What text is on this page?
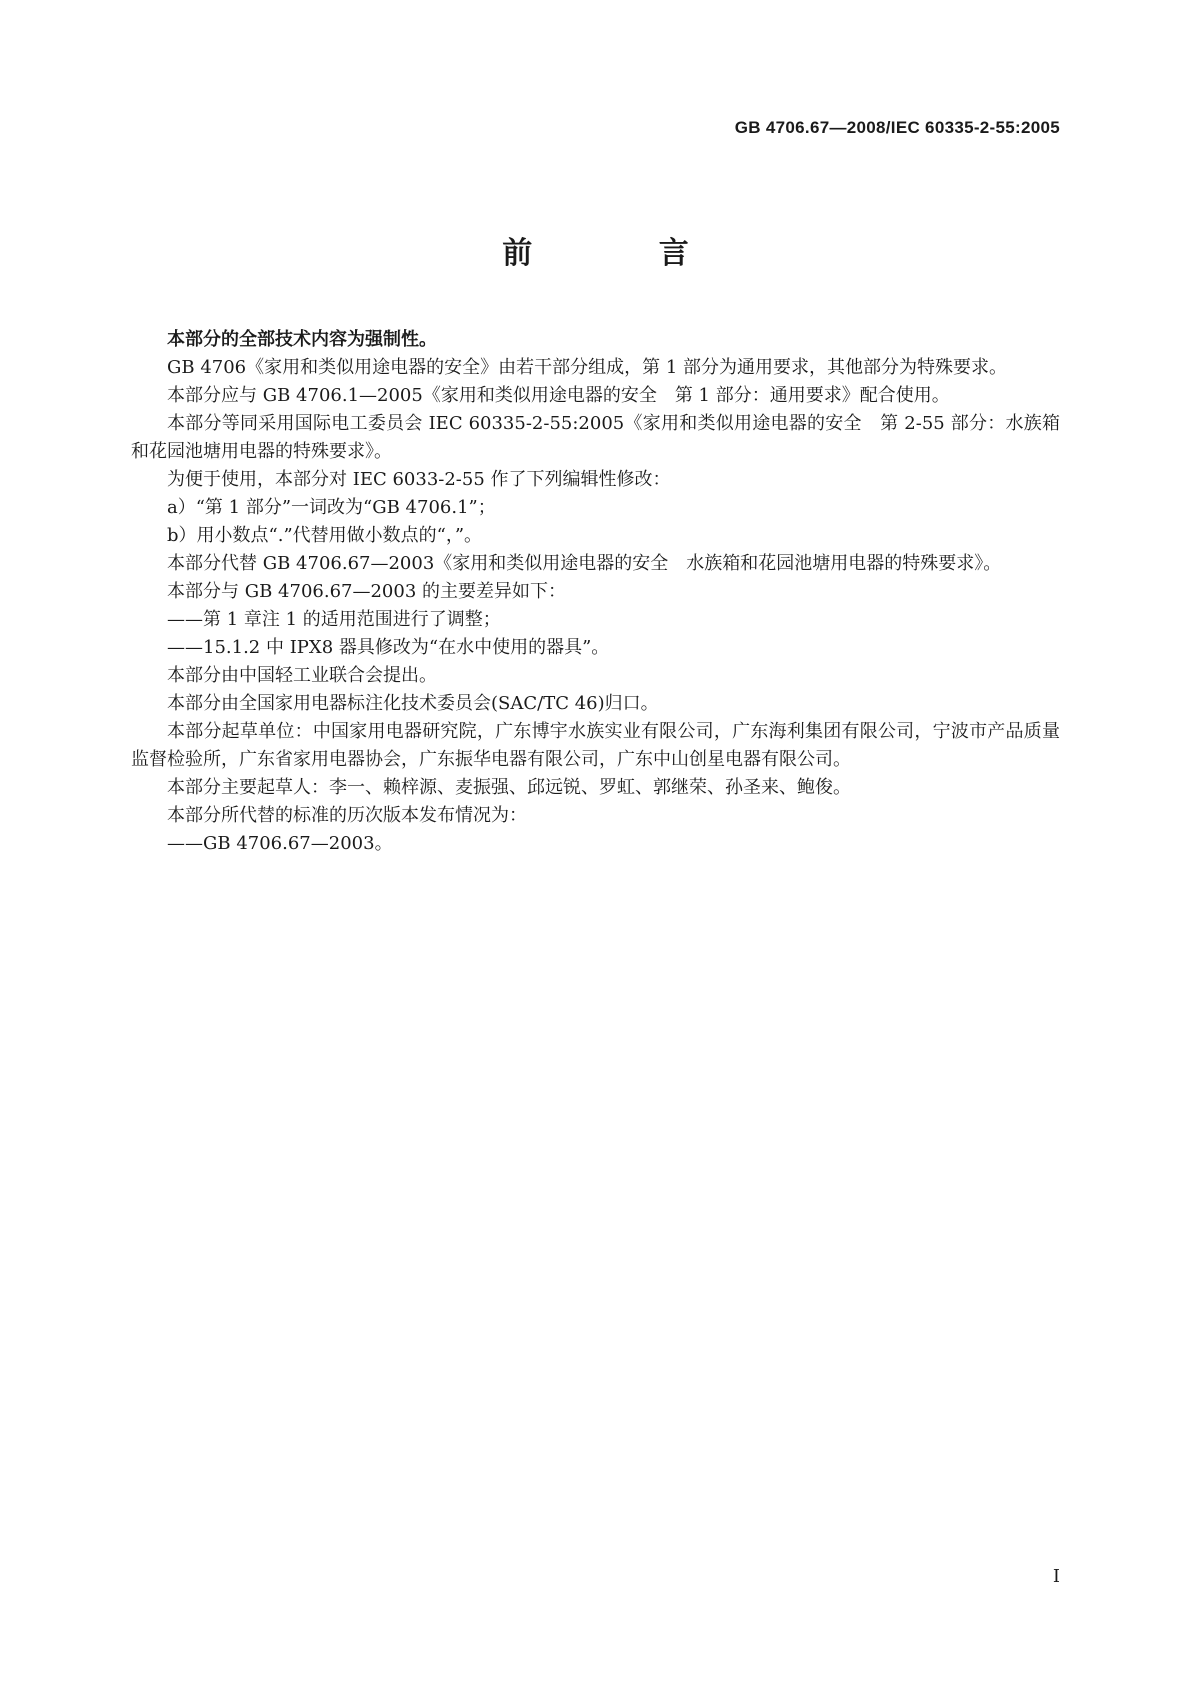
GB 4706.67—2008/IEC 60335-2-55:2005
前 言

本部分的全部技术内容为强制性。

GB 4706《家用和类似用途电器的安全》由若干部分组成，第 1 部分为通用要求，其他部分为特殊要求。

本部分应与 GB 4706.1—2005《家用和类似用途电器的安全　第 1 部分：通用要求》配合使用。

本部分等同采用国际电工委员会 IEC 60335-2-55:2005《家用和类似用途电器的安全　第 2-55 部分：水族箱和花园池塘用电器的特殊要求》。

为便于使用，本部分对 IEC 6033-2-55 作了下列编辑性修改：

a）“第 1 部分”一词改为“GB 4706.1”；

b）用小数点“.”代替用做小数点的“，”。

本部分代替 GB 4706.67—2003《家用和类似用途电器的安全　水族箱和花园池塘用电器的特殊要求》。

本部分与 GB 4706.67—2003 的主要差异如下：

——第 1 章注 1 的适用范围进行了调整；

——15.1.2 中 IPX8 器具修改为“在水中使用的器具”。

本部分由中国轻工业联合会提出。

本部分由全国家用电器标注化技术委员会(SAC/TC 46)归口。

本部分起草单位：中国家用电器研究院，广东博宇水族实业有限公司，广东海利集团有限公司，宁波市产品质量监督检验所，广东省家用电器协会，广东振华电器有限公司，广东中山创星电器有限公司。

本部分主要起草人：李一、赖梓源、麦振强、邱远锐、罗虹、郭继荣、孙圣来、鲍俊。

本部分所代替的标准的历次版本发布情况为：

——GB 4706.67—2003。

I
